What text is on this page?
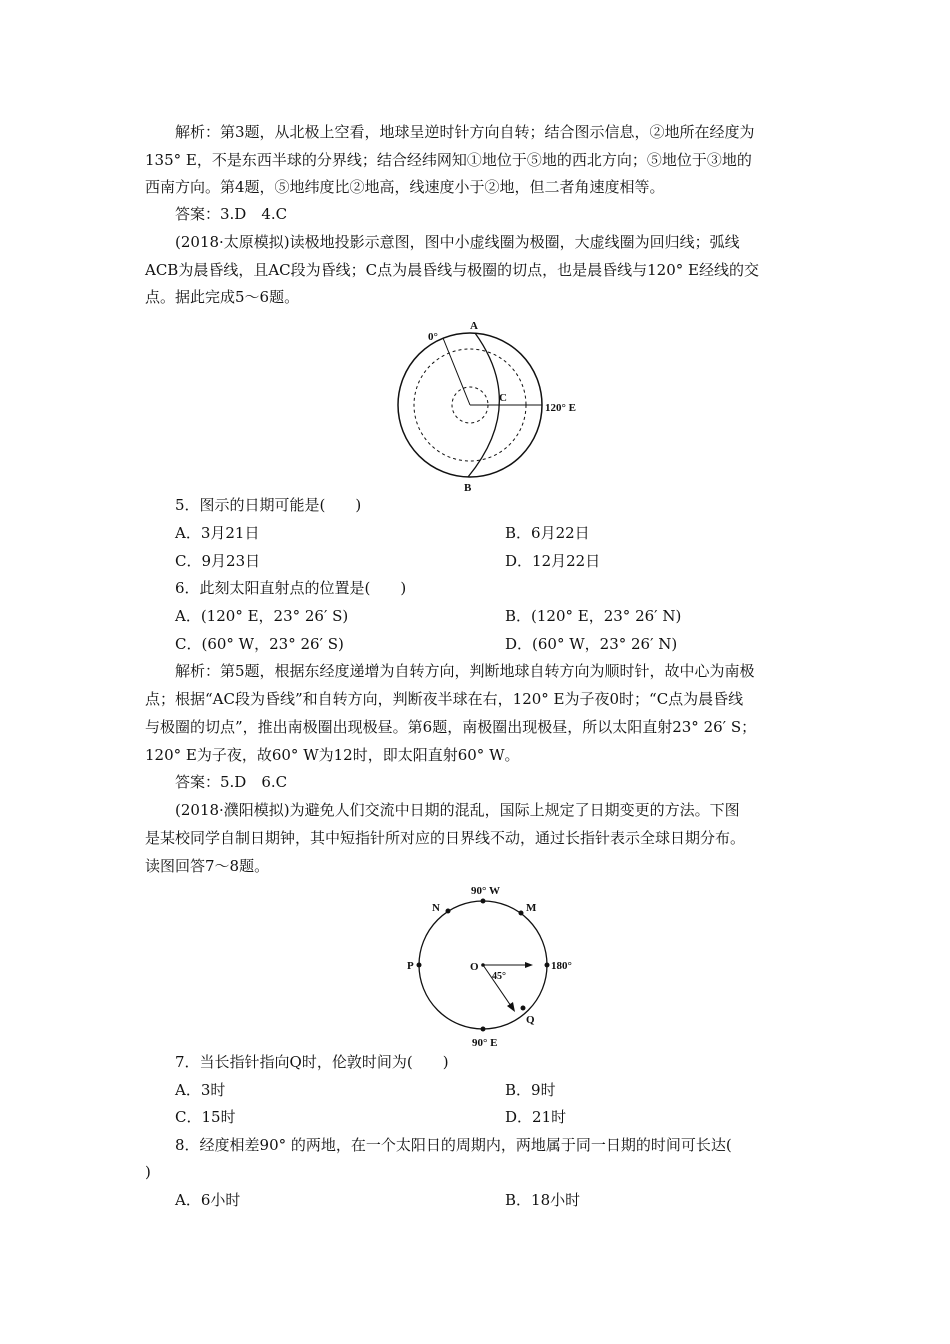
解析：第3题，从北极上空看，地球呈逆时针方向自转；结合图示信息，②地所在经度为
135° E，不是东西半球的分界线；结合经纬网知①地位于⑤地的西北方向；⑤地位于③地的
西南方向。第4题，⑤地纬度比②地高，线速度小于②地，但二者角速度相等。
答案：3.D　4.C
(2018·太原模拟)读极地投影示意图，图中小虚线圈为极圈，大虚线圈为回归线；弧线
ACB为晨昏线，且AC段为昏线；C点为晨昏线与极圈的切点，也是晨昏线与120° E经线的交
点。据此完成5～6题。
0°
A
B
C
120° E
5．图示的日期可能是(　　)
A．3月21日	B．6月22日
C．9月23日	D．12月22日
6．此刻太阳直射点的位置是(　　)
A．(120° E，23° 26′ S)	B．(120° E，23° 26′ N)
C．(60° W，23° 26′ S)	D．(60° W，23° 26′ N)
解析：第5题，根据东经度递增为自转方向，判断地球自转方向为顺时针，故中心为南极
点；根据“AC段为昏线”和自转方向，判断夜半球在右，120° E为子夜0时；“C点为晨昏线
与极圈的切点”，推出南极圈出现极昼。第6题，南极圈出现极昼，所以太阳直射23° 26′ S；
120° E为子夜，故60° W为12时，即太阳直射60° W。
答案：5.D　6.C
(2018·濮阳模拟)为避免人们交流中日期的混乱，国际上规定了日期变更的方法。下图
是某校同学自制日期钟，其中短指针所对应的日界线不动，通过长指针表示全球日期分布。
读图回答7～8题。
90° W
N	M
P	O
45°
180°
Q
90° E
7．当长指针指向Q时，伦敦时间为(　　)
A．3时	B．9时
C．15时	D．21时
8．经度相差90° 的两地，在一个太阳日的周期内，两地属于同一日期的时间可长达(
)
A．6小时	B．18小时
